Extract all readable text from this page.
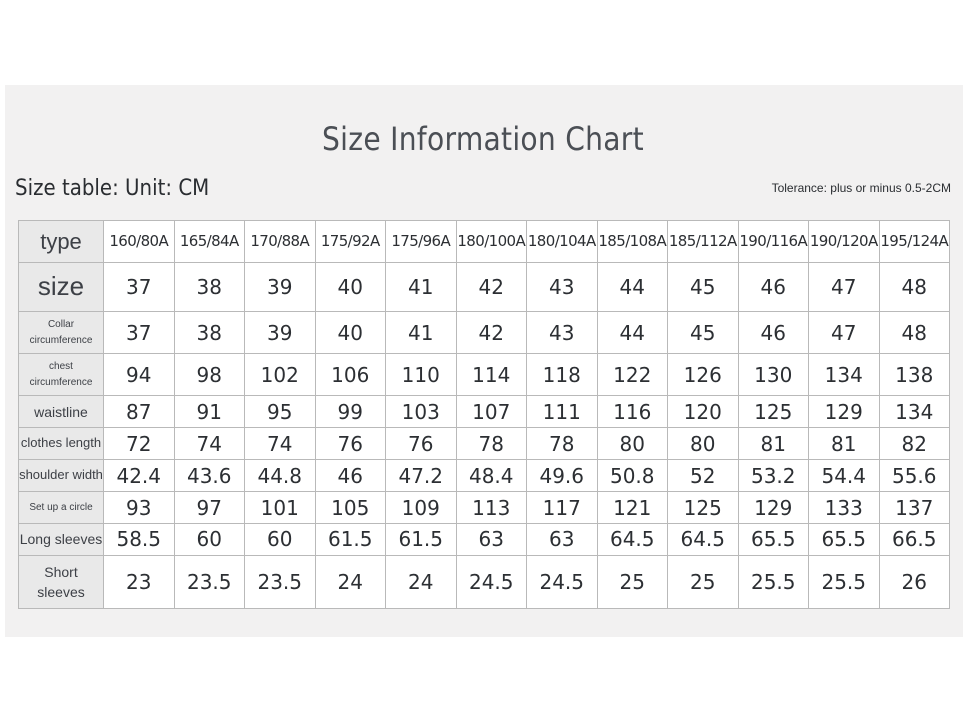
Size Information Chart
Size table: Unit: CM	Tolerance: plus or minus 0.5-2CM
type	160/80A	165/84A	170/88A	175/92A	175/96A	180/100A	180/104A	185/108A	185/112A	190/116A	190/120A	195/124A
size	37	38	39	40	41	42	43	44	45	46	47	48
Collar circumference	37	38	39	40	41	42	43	44	45	46	47	48
chest circumference	94	98	102	106	110	114	118	122	126	130	134	138
waistline	87	91	95	99	103	107	111	116	120	125	129	134
clothes length	72	74	74	76	76	78	78	80	80	81	81	82
shoulder width	42.4	43.6	44.8	46	47.2	48.4	49.6	50.8	52	53.2	54.4	55.6
Set up a circle	93	97	101	105	109	113	117	121	125	129	133	137
Long sleeves	58.5	60	60	61.5	61.5	63	63	64.5	64.5	65.5	65.5	66.5
Short sleeves	23	23.5	23.5	24	24	24.5	24.5	25	25	25.5	25.5	26
